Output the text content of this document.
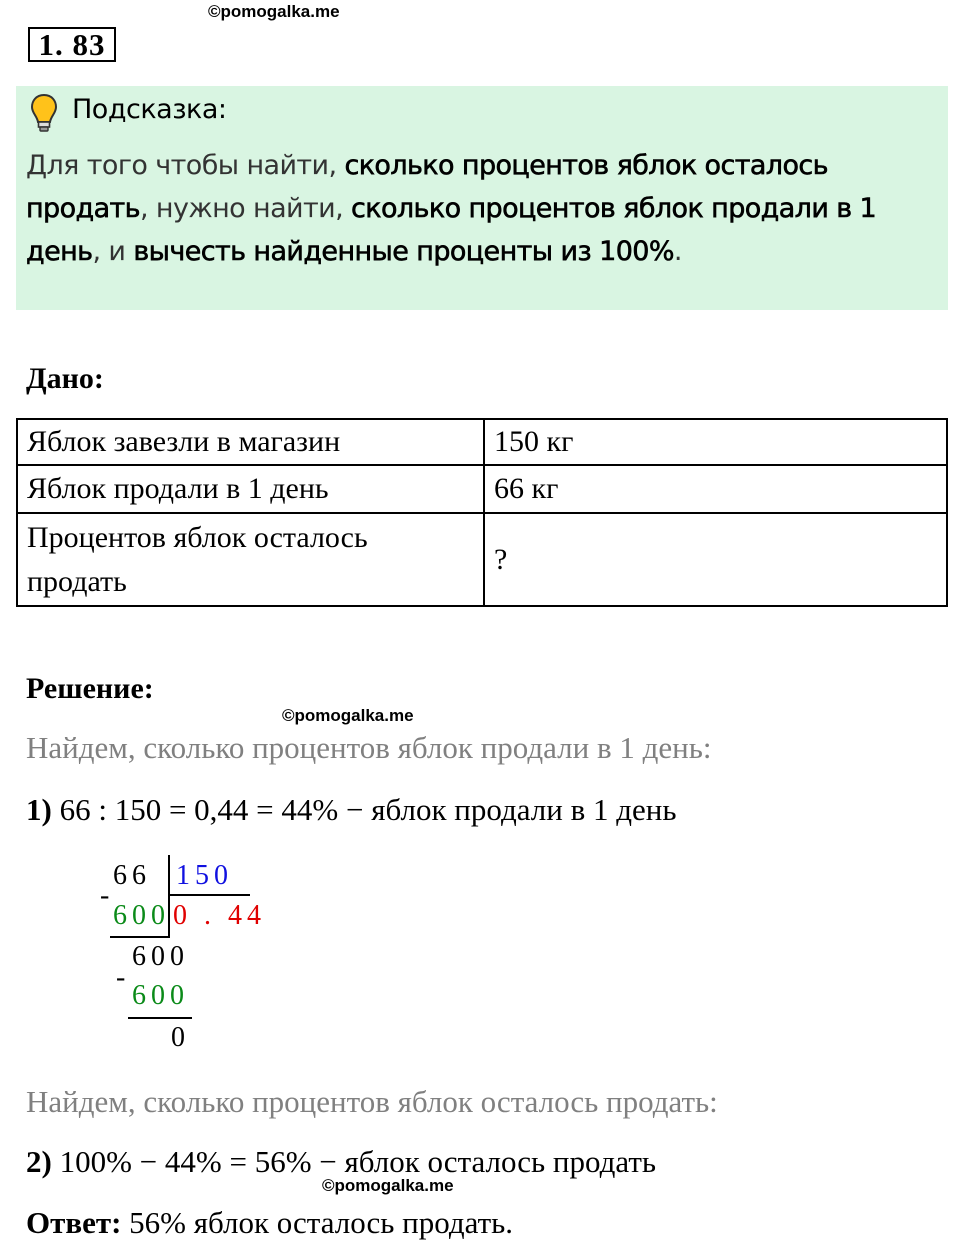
©pomogalka.me
1. 83
Подсказка:
Для того чтобы найти, сколько процентов яблок осталось продать, нужно найти, сколько процентов яблок продали в 1 день, и вычесть найденные проценты из 100%.
Дано:
Яблок завезли в магазин	150 кг
Яблок продали в 1 день	66 кг
Процентов яблок осталось продать	?
Решение:
©pomogalka.me
Найдем, сколько процентов яблок продали в 1 день:
1) 66 : 150 = 0,44 = 44% − яблок продали в 1 день
66 150
-
600 0 . 44
600
-
600
0
Найдем, сколько процентов яблок осталось продать:
2) 100% − 44% = 56% − яблок осталось продать
©pomogalka.me
Ответ: 56% яблок осталось продать.
